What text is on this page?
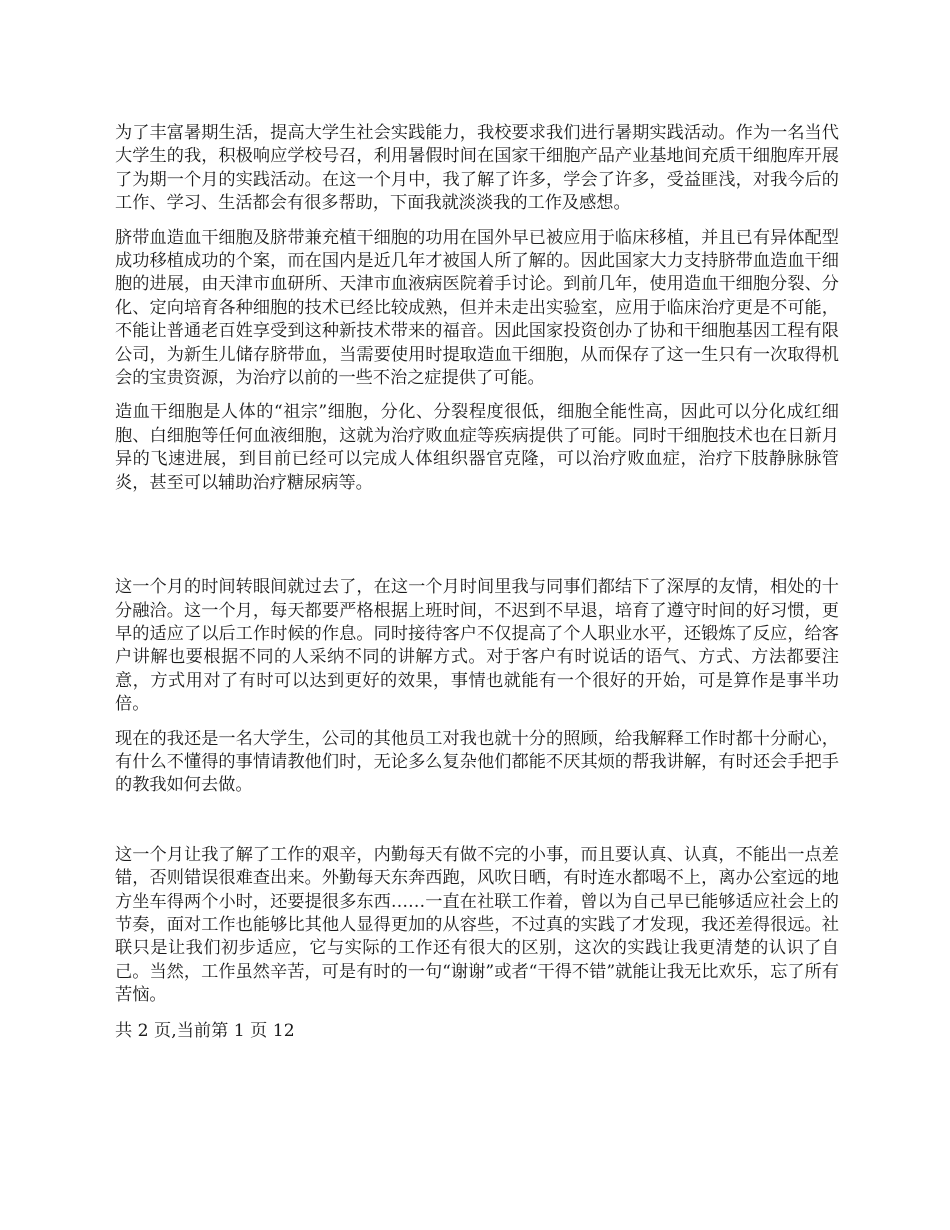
为了丰富暑期生活，提高大学生社会实践能力，我校要求我们进行暑期实践活动。作为一名当代大学生的我，积极响应学校号召，利用暑假时间在国家干细胞产品产业基地间充质干细胞库开展了为期一个月的实践活动。在这一个月中，我了解了许多，学会了许多，受益匪浅，对我今后的工作、学习、生活都会有很多帮助，下面我就淡淡我的工作及感想。

脐带血造血干细胞及脐带兼充植干细胞的功用在国外早已被应用于临床移植，并且已有异体配型成功移植成功的个案，而在国内是近几年才被国人所了解的。因此国家大力支持脐带血造血干细胞的进展，由天津市血研所、天津市血液病医院着手讨论。到前几年，使用造血干细胞分裂、分化、定向培育各种细胞的技术已经比较成熟，但并未走出实验室，应用于临床治疗更是不可能，不能让普通老百姓享受到这种新技术带来的福音。因此国家投资创办了协和干细胞基因工程有限公司，为新生儿储存脐带血，当需要使用时提取造血干细胞，从而保存了这一生只有一次取得机会的宝贵资源，为治疗以前的一些不治之症提供了可能。

造血干细胞是人体的“祖宗”细胞，分化、分裂程度很低，细胞全能性高，因此可以分化成红细胞、白细胞等任何血液细胞，这就为治疗败血症等疾病提供了可能。同时干细胞技术也在日新月异的飞速进展，到目前已经可以完成人体组织器官克隆，可以治疗败血症，治疗下肢静脉脉管炎，甚至可以辅助治疗糖尿病等。

这一个月的时间转眼间就过去了，在这一个月时间里我与同事们都结下了深厚的友情，相处的十分融洽。这一个月，每天都要严格根据上班时间，不迟到不早退，培育了遵守时间的好习惯，更早的适应了以后工作时候的作息。同时接待客户不仅提高了个人职业水平，还锻炼了反应，给客户讲解也要根据不同的人采纳不同的讲解方式。对于客户有时说话的语气、方式、方法都要注意，方式用对了有时可以达到更好的效果，事情也就能有一个很好的开始，可是算作是事半功倍。

现在的我还是一名大学生，公司的其他员工对我也就十分的照顾，给我解释工作时都十分耐心，有什么不懂得的事情请教他们时，无论多么复杂他们都能不厌其烦的帮我讲解，有时还会手把手的教我如何去做。

这一个月让我了解了工作的艰辛，内勤每天有做不完的小事，而且要认真、认真，不能出一点差错，否则错误很难查出来。外勤每天东奔西跑，风吹日晒，有时连水都喝不上，离办公室远的地方坐车得两个小时，还要提很多东西……一直在社联工作着，曾以为自己早已能够适应社会上的节奏，面对工作也能够比其他人显得更加的从容些，不过真的实践了才发现，我还差得很远。社联只是让我们初步适应，它与实际的工作还有很大的区别，这次的实践让我更清楚的认识了自己。当然，工作虽然辛苦，可是有时的一句“谢谢”或者“干得不错”就能让我无比欢乐，忘了所有苦恼。

共 2 页,当前第 1 页 12
